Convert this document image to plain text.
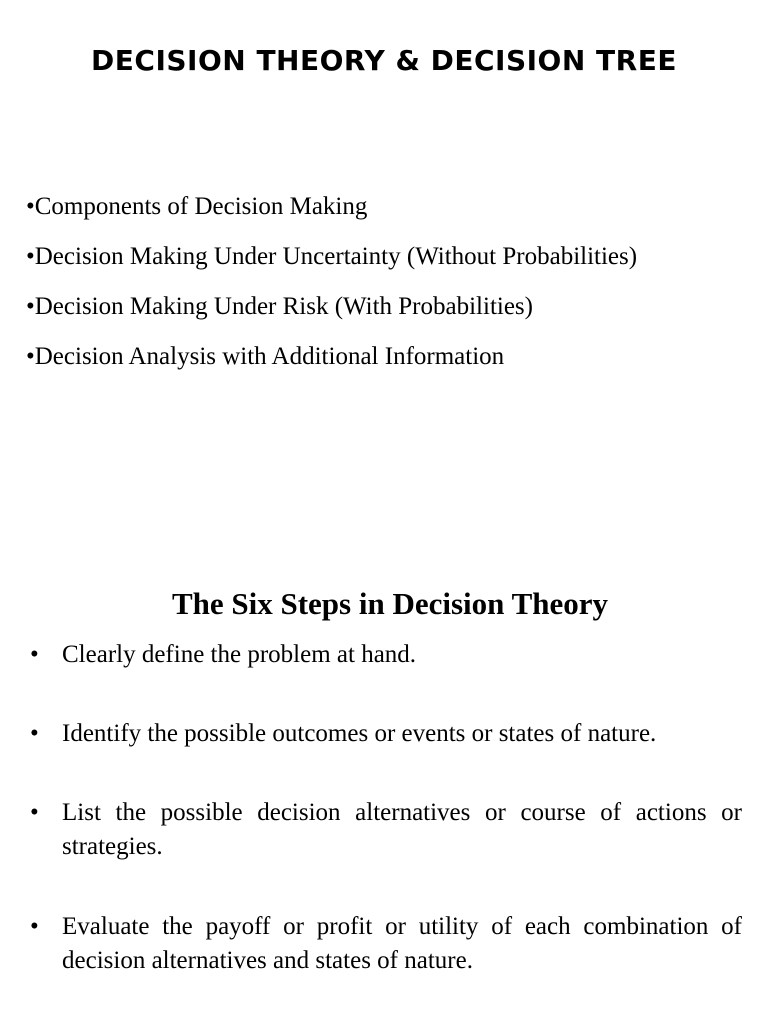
DECISION THEORY & DECISION TREE
•Components of Decision Making
•Decision Making Under Uncertainty (Without Probabilities)
•Decision Making Under Risk (With Probabilities)
•Decision Analysis with Additional Information
The Six Steps in Decision Theory
• Clearly define the problem at hand.
• Identify the possible outcomes or events or states of nature.
• List the possible decision alternatives or course of actions or strategies.
• Evaluate the payoff or profit or utility of each combination of decision alternatives and states of nature.
